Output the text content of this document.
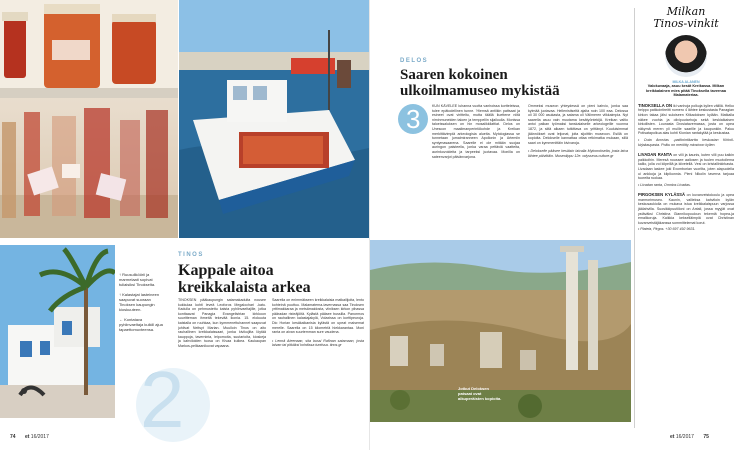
↑ Ruusuliköörii ja marmelaati sopivat tuliaisiksi Tinokselta.

↑ Kalastajat lasteineen saapuvat suoraan Tinoksen kaupungin kioskuuteen.

← Kontatava pyhiinvaeltaja kulkill ajua tapaettomuvteensa.

TINOS
Kappale aitoa
kreikkalaista arkea
TINOKSEN pääkaupungin satamakadulta nousee kukkulaa kohti leveä Leoforos Megalochari -katu. Kadulla on pehmustettu kaista pyhiinvaeltajille, jotka konttaavat Panagia Evangelistrian kirkkoon suuritteman ihmeitä tekevää ikonia. 15. elokuuta kaistalla on ruuhkaa, kun kymmenettuhannet saapuvat juhlivat Neitsyt Marian. Muulloin Tinos on aito rauhallinen kreikkalaissaari, jonka kivikujilta löytää kauppoja, taverninta, leipomoita, suutarioita, kioskeja ja kahviloiden tuosa on Kivaa kulkea. Kaukaupan Markos-pelikaanikuvat vapaana.

Saarella on enimmäkseen kreikkalaisia matkailijoita, lento kohteinä puuttuu. Malamaterna-tavernassa saa Tinoksen yrttimakkaraa ja metsämaidosta, viiniksen kirkon pihassa pääradan risteäjöitä. Kylästä pääsee bussilla. Panormos on rauhallinen kalastajakylä, Volaxissa on korttipeuroja. Dio Horian kesäkaikanisia kylästä on upeat maisemat merelle. Saarella on 15 kilometriä hiekkarantaa. Moni ranta on aivan suurtemman sure vaudena.

• Lennä Ateenaan, sita bussi Rafinan satamaan, josta laivan tai pitkäksi kohdissa tuntissa. tinos.gr

74 et 16/2017
DELOS
Saaren kokoinen
ulkoilmamuseo mykistää
3	KUN KÄVELEE luhanna vuotta vanhoissa kortteleissa, tulee epätodellinen tunne. 'Hiemsä antiikin pattsaat ja esineet ovat viritteltu, mutta täällä iluettene niitä niminmuneiden taloen ja temppeliin sijailoulla. Monissa taloeissaluksen on hin mosaiikkilattiat. Delos on Unescon maailmanperintökohde ja Kreikan merkittävimpiä arkeologisia alueita. Mytologiassa se tunnetaan jumalmiranneen Apollonin ja Artemiin syntymasaarena. Saarelle ei ole mitään suojaa auringon paisteella, jonka varaa pettäviä vaatteita, aurinkovoideita ja tarpeeksi juotavaa. Monilla on sateenvarjot päivänvarjona.

Ommeksi museon yhteydessä on pieni kahvio, jonka saa kylmää juotavaa. Hellenistiseltä ajalta noin 100 eaa. Delossa oli 30 000 asukasta, ja satama oli Välimeren vilkkaimpia. Nyt saarella asuu vain muutama kesätyöntekijä. Kreikan valtio antoi paikan työmaksi tanskalaiselle arkeologeille vuonna 1872, ja siitä alkaen tutkittava on yrittänyt. Kuuluisimmat jäännökset ovat leijonat, joita sijoittiin museoon. Esillä on kopioita. Delokselle kannattaa ottaa retkimatka mukaan, sillä saari on kymmenittäin kivivaroja.

• Delokselle pääsee kesäisin laivalla Mykonokselta, josta laiva lähtee päivittäin. Museolippu 12e. odysseus.culture.gr

Jotkut Deloksen patsaat ovat alkuperäisten kopioita.

Milkan
Tinos-vinkit

MILKA ALANEN

Valokuvaaja, asuu kesät Kreikassa. Milkan kreikkalainen mies pitää Tinoksella tavernaa Malamateriaa.

TINOKSELLA ON iki vanhoja polkuja kylien välillä. Helko helppo patikointireitti numero 4 lähtee keskustasta Panagian kirkon takaa jälsi suloiseen Ktikadoksen kylään. Matkalla näkee vuohia ja olivipuutarhoja sekä keskiaikaisen kirkollisten. Lounasta Drosiatavernassa, josta on upea näkymä meren yli muille saarille ja kaupunkiin. Paluu Potisatapolkua alas kohti Kionian rantakylää ja keskustaa.

• Outa Anovias -patikointikartta keskustan Kirkoli-kirjakaupasta. Polku on merkitty miostoon kylien.

LIVADAN RANTA on villi ja kaunis, kuten villi puu kaikin paikkoihin. Meresä noussee aallosen ja tuulen muotoilema kallio, jolla voi kiipeillä ja kiivetellä. Vesi on kristallinkirkasta. Livadaan laskee joki Exomborian vuorilta, joten alapuolella ui ankkoja ja kilpikonnia. Pieni Nikolin taverna tarjoaa tuoreita ruokaa.

• Livadan ranta, Omnios Livadas.

PIRGOKSEN KYLÄSSÄ on kuvanveistokoulu ja upea marmorimuseo. Kaunin, vallieksa kahviloin kylän keskusaukiolla on mukava istua kreikkalaispuun varjossa jäälahvilla. Suosikkipuutiiloni on Antali, jossa myyjät ovat ystäväksi Christina Giannikopouloun tekemiä hopea-ja emalikoruja. Kaikkia kekseliäimpiä ovat Christinan kuvanveistäjäkanssa sommittelemat korut.

• Plateia, Pirgos. +30 697 492 9631.

et 16/2017 75
